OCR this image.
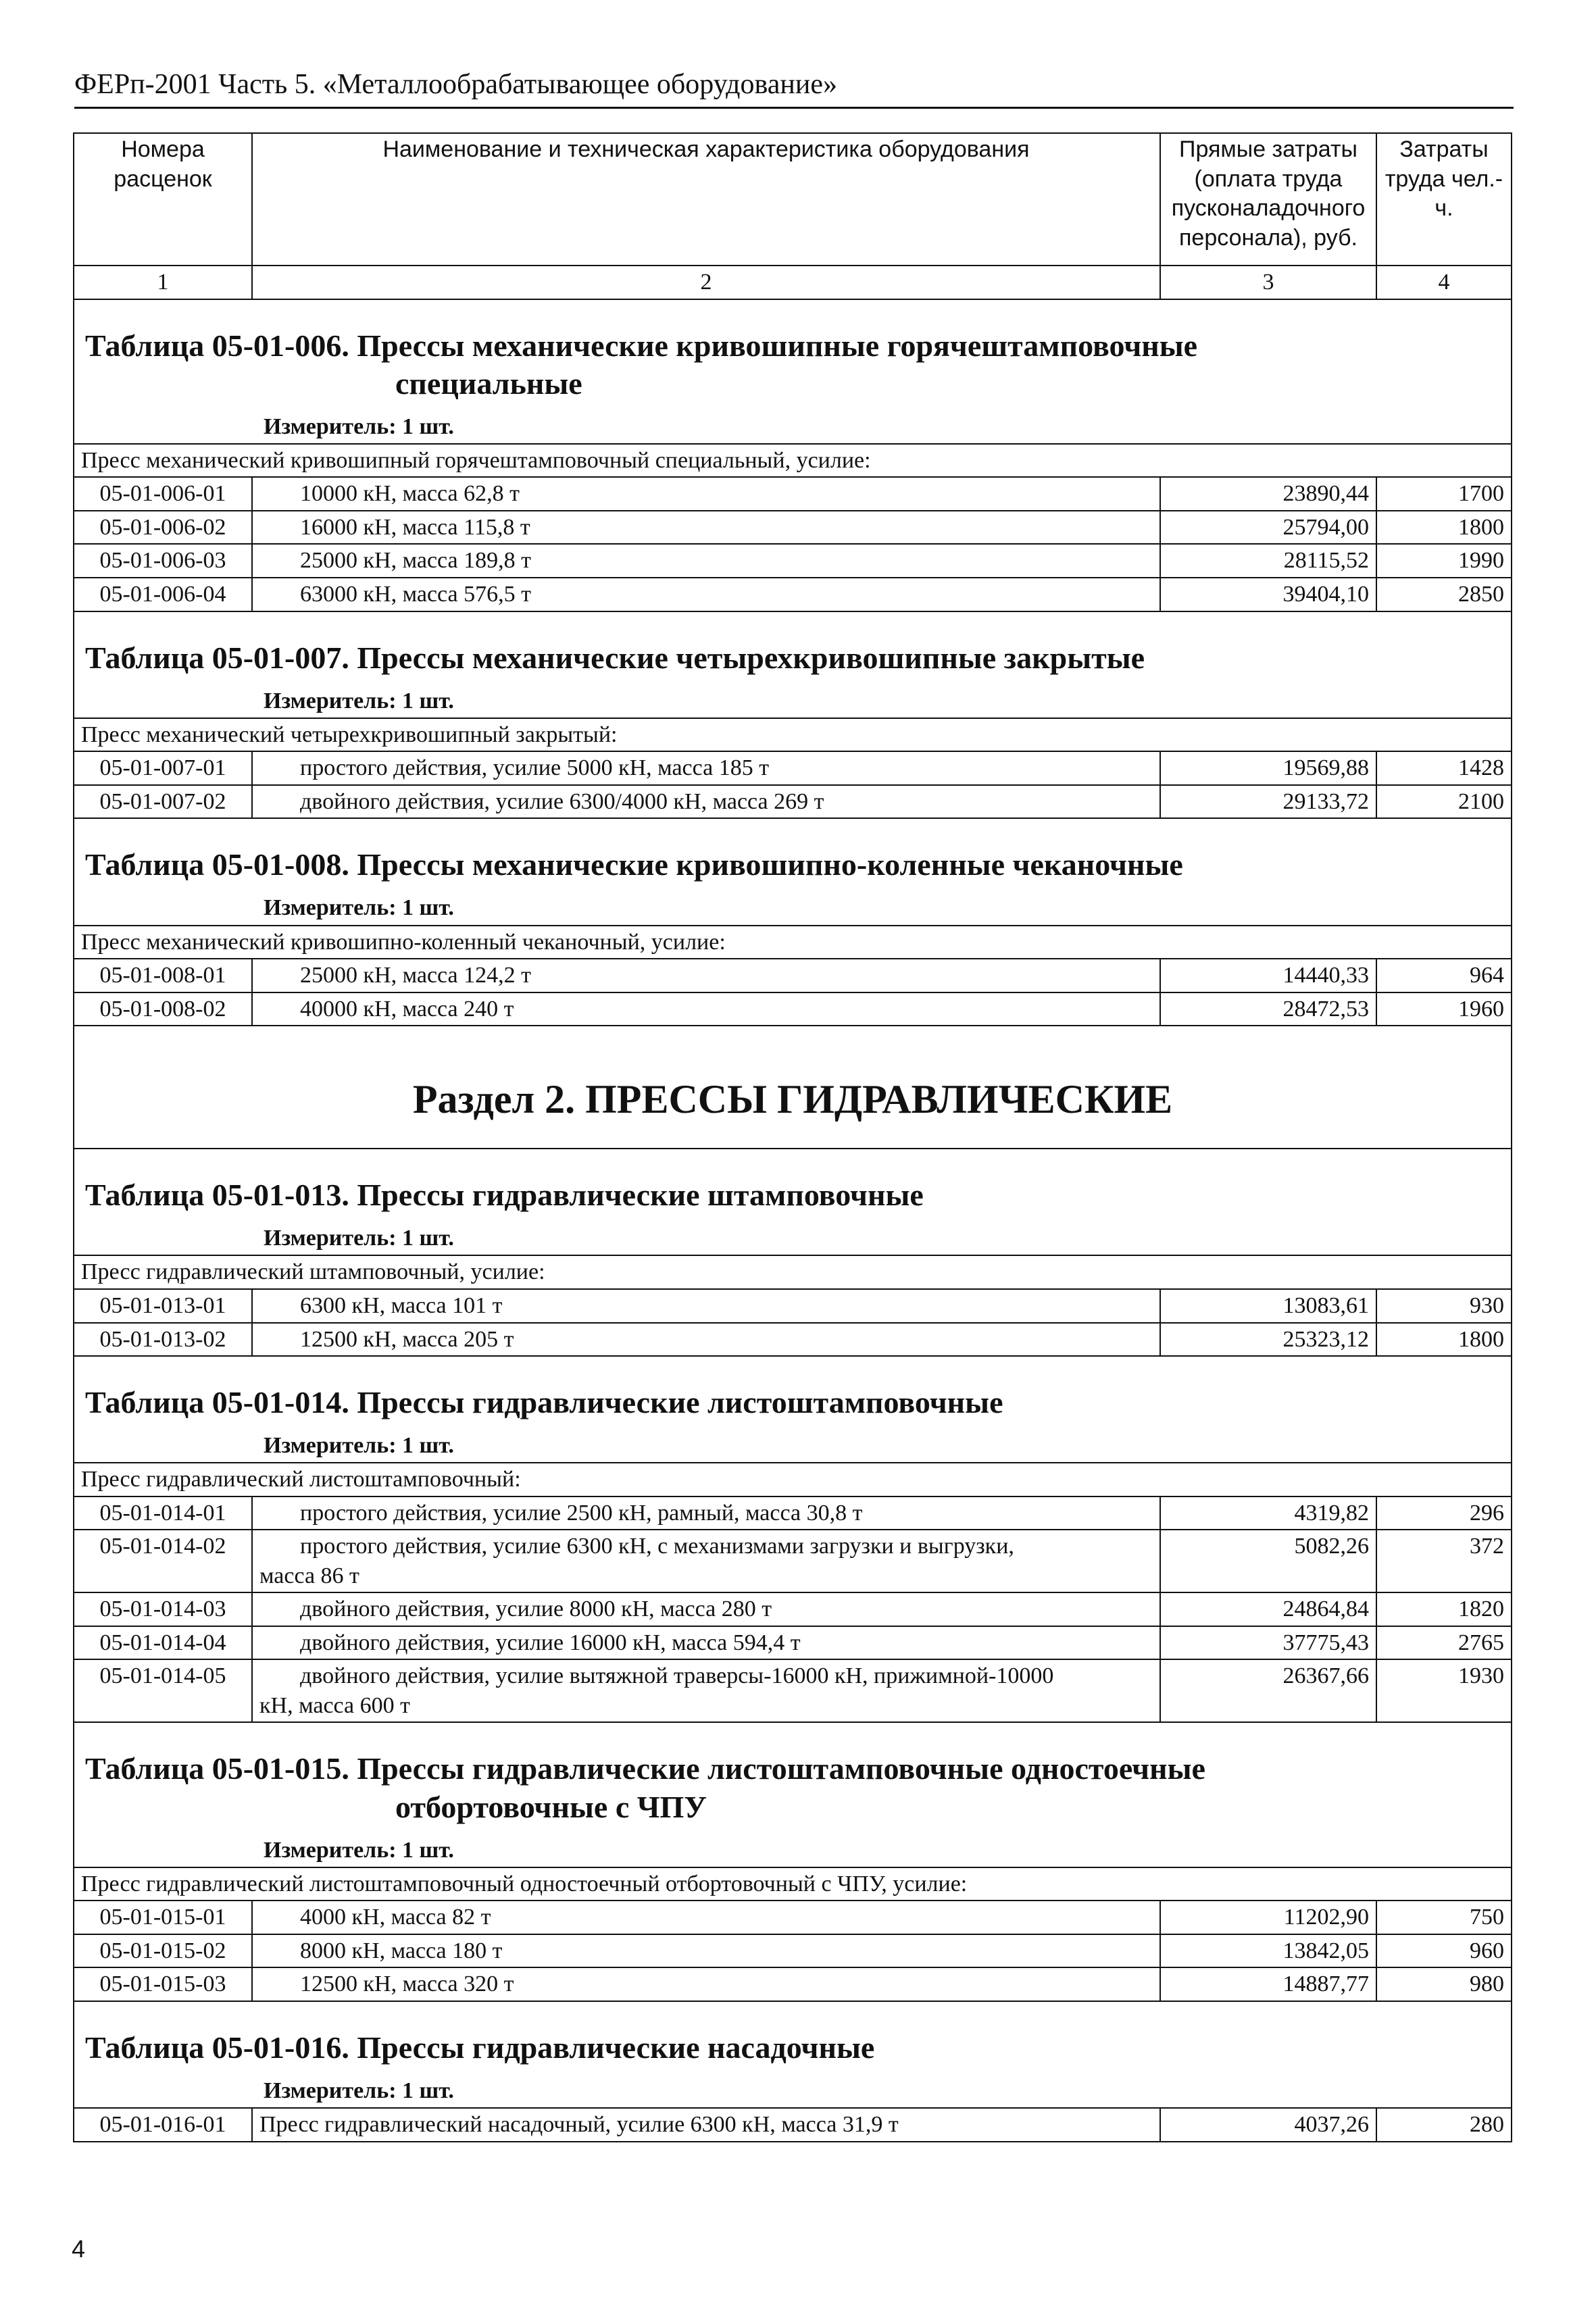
ФЕРп-2001 Часть 5. «Металлообрабатывающее оборудование»
Номера расценок	Наименование и техническая характеристика оборудования	Прямые затраты (оплата труда пусконаладочного персонала), руб.	Затраты труда чел.-ч.
1	2	3	4

Таблица 05-01-006. Прессы механические кривошипные горячештамповочные
специальные
Измеритель: 1 шт.			

Пресс механический кривошипный горячештамповочный специальный, усилие:			
05-01-006-01	10000 кН, масса 62,8 т	23890,44	1700
05-01-006-02	16000 кН, масса 115,8 т	25794,00	1800
05-01-006-03	25000 кН, масса 189,8 т	28115,52	1990
05-01-006-04	63000 кН, масса 576,5 т	39404,10	2850

Таблица 05-01-007. Прессы механические четырехкривошипные закрытые
Измеритель: 1 шт.			

Пресс механический четырехкривошипный закрытый:			
05-01-007-01	простого действия, усилие 5000 кН, масса 185 т	19569,88	1428
05-01-007-02	двойного действия, усилие 6300/4000 кН, масса 269 т	29133,72	2100

Таблица 05-01-008. Прессы механические кривошипно-коленные чеканочные
Измеритель: 1 шт.			

Пресс механический кривошипно-коленный чеканочный, усилие:			
05-01-008-01	25000 кН, масса 124,2 т	14440,33	964
05-01-008-02	40000 кН, масса 240 т	28472,53	1960

Раздел 2. ПРЕССЫ ГИДРАВЛИЧЕСКИЕ			

Таблица 05-01-013. Прессы гидравлические штамповочные
Измеритель: 1 шт.			

Пресс гидравлический штамповочный, усилие:			
05-01-013-01	6300 кН, масса 101 т	13083,61	930
05-01-013-02	12500 кН, масса 205 т	25323,12	1800

Таблица 05-01-014. Прессы гидравлические листоштамповочные
Измеритель: 1 шт.			

Пресс гидравлический листоштамповочный:			
05-01-014-01	простого действия, усилие 2500 кН, рамный, масса 30,8 т	4319,82	296
05-01-014-02	простого действия, усилие 6300 кН, с механизмами загрузки и выгрузки,
масса 86 т	5082,26	372
05-01-014-03	двойного действия, усилие 8000 кН, масса 280 т	24864,84	1820
05-01-014-04	двойного действия, усилие 16000 кН, масса 594,4 т	37775,43	2765
05-01-014-05	двойного действия, усилие вытяжной траверсы-16000 кН, прижимной-10000
кН, масса 600 т	26367,66	1930

Таблица 05-01-015. Прессы гидравлические листоштамповочные одностоечные
отбортовочные с ЧПУ
Измеритель: 1 шт.			

Пресс гидравлический листоштамповочный одностоечный отбортовочный с ЧПУ, усилие:			
05-01-015-01	4000 кН, масса 82 т	11202,90	750
05-01-015-02	8000 кН, масса 180 т	13842,05	960
05-01-015-03	12500 кН, масса 320 т	14887,77	980

Таблица 05-01-016. Прессы гидравлические насадочные
Измеритель: 1 шт.			

05-01-016-01	Пресс гидравлический насадочный, усилие 6300 кН, масса 31,9 т	4037,26	280
4
